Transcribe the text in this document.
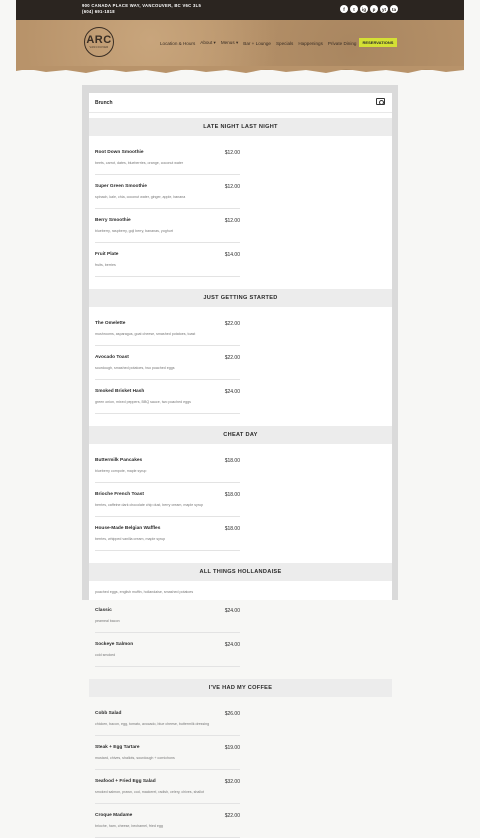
900 CANADA PLACE WAY, VANCOUVER, BC V6C 3L5
(604) 691-1818	f	t	ig	p	yt	ta
ARC
VANCOUVER
Location & Hours About ▾ Menus ▾ Bar + Lounge Specials Happenings Private Dining	RESERVATIONS
Brunch
LATE NIGHT LAST NIGHT
Root Down Smoothie	$12.00
beets, carrot, dates, blueberries, orange, coconut water
Super Green Smoothie	$12.00
spinach, kale, chia, coconut water, ginger, apple, banana
Berry Smoothie	$12.00
blueberry, raspberry, goji berry, bananas, yoghurt
Fruit Plate	$14.00
fruits, berries
JUST GETTING STARTED
The Omelette	$22.00
mushrooms, asparagus, goat cheese, smashed potatoes, toast
Avocado Toast	$22.00
sourdough, smashed potatoes, two poached eggs
Smoked Brisket Hash	$24.00
green onion, mixed peppers, BBQ sauce, two poached eggs
CHEAT DAY
Buttermilk Pancakes	$18.00
blueberry compote, maple syrup
Brioche French Toast	$18.00
berries, caffeine dark chocolate chip dust, berry cream, maple syrup
House-Made Belgian Waffles	$18.00
berries, whipped vanilla cream, maple syrup
ALL THINGS HOLLANDAISE
poached eggs, english muffin, hollandaise, smashed potatoes
Classic	$24.00
peameal bacon
Sockeye Salmon	$24.00
cold smoked
I'VE HAD MY COFFEE
Cobb Salad	$26.00
chicken, bacon, egg, tomato, avocado, blue cheese, buttermilk dressing
Steak + Egg Tartare	$19.00
mustard, chives, shallots, sourdough + cornichons
Seafood + Fried Egg Salad	$32.00
smoked salmon, prawn, cod, mackerel, radish, celery, chives, shallot
Croque Madame	$22.00
brioche, ham, cheese, bechamel, fried egg
